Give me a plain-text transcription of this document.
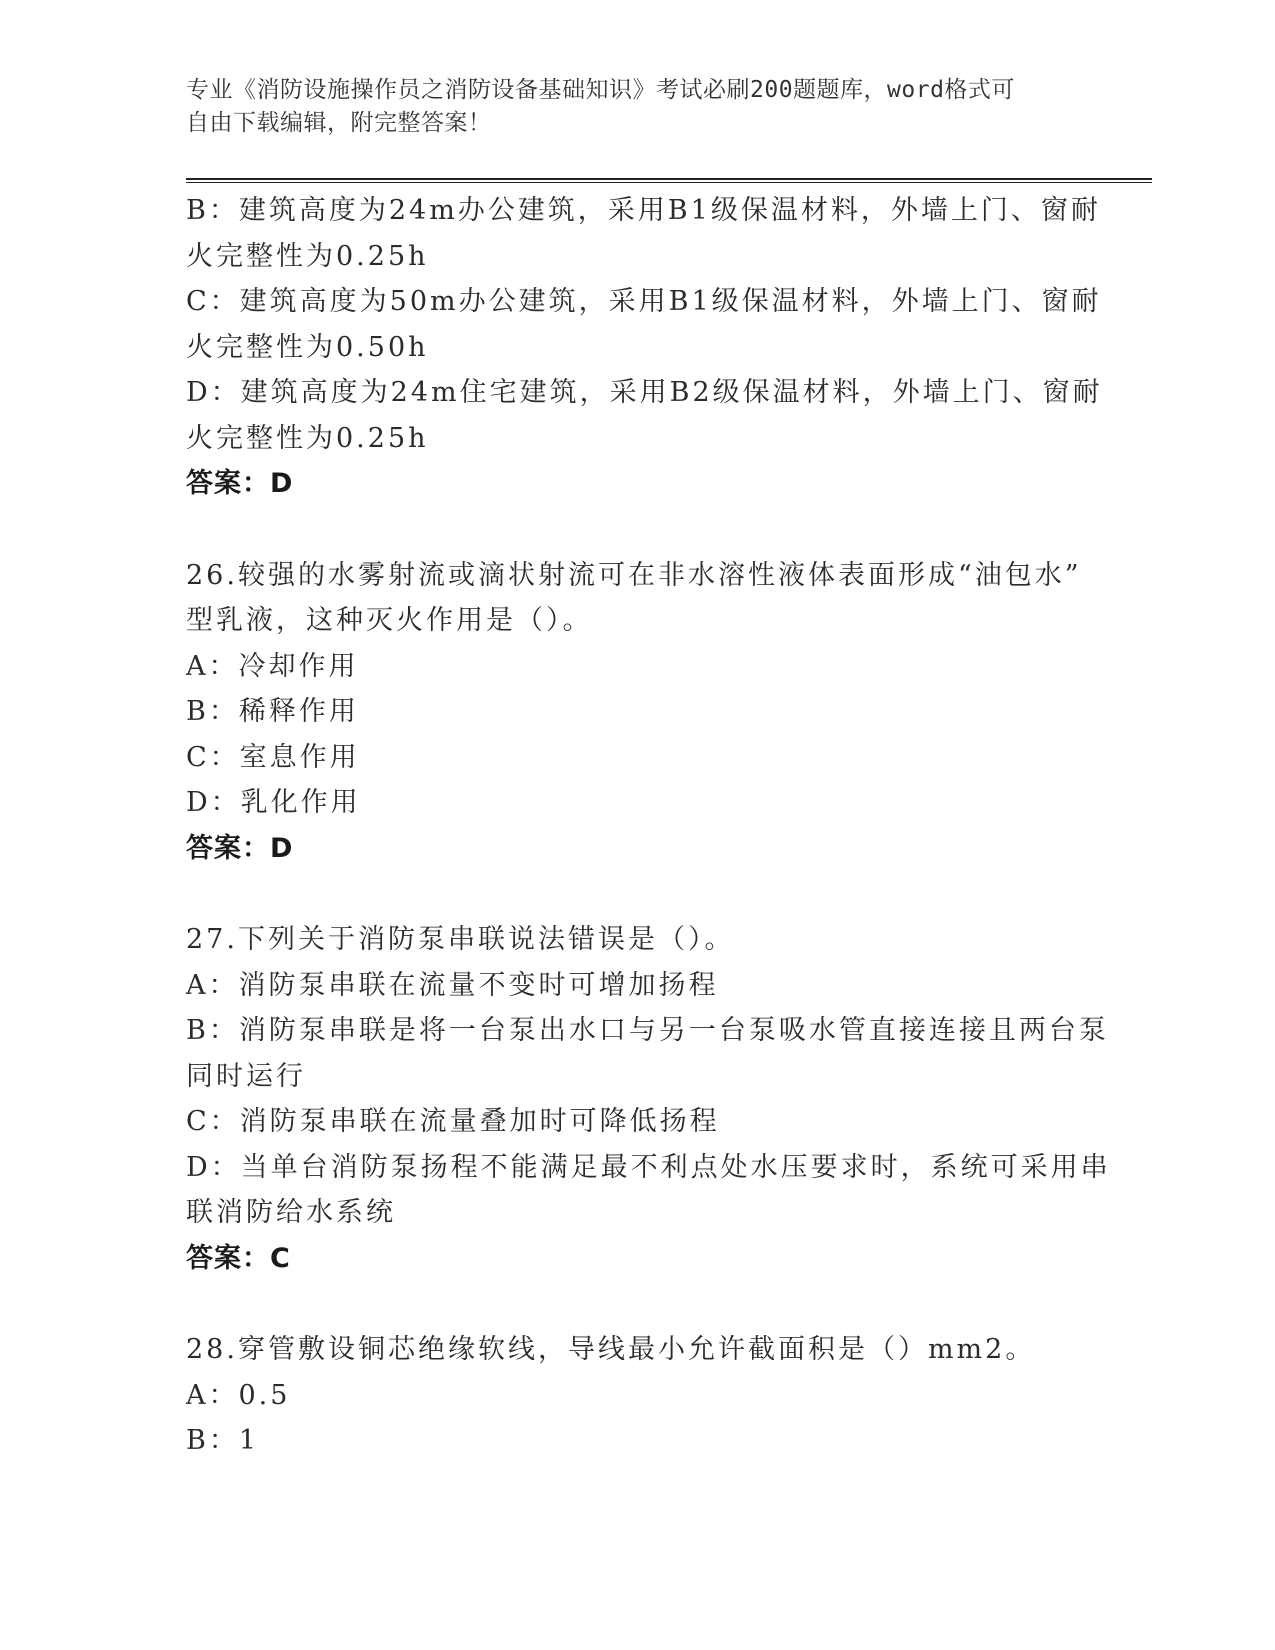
专业《消防设施操作员之消防设备基础知识》考试必刷200题题库，word格式可
自由下载编辑，附完整答案！
B：建筑高度为24m办公建筑，采用B1级保温材料，外墙上门、窗耐
火完整性为0.25h
C：建筑高度为50m办公建筑，采用B1级保温材料，外墙上门、窗耐
火完整性为0.50h
D：建筑高度为24m住宅建筑，采用B2级保温材料，外墙上门、窗耐
火完整性为0.25h
答案：D
26.较强的水雾射流或滴状射流可在非水溶性液体表面形成“油包水”
型乳液，这种灭火作用是（）。
A：冷却作用
B：稀释作用
C：室息作用
D：乳化作用
答案：D
27.下列关于消防泵串联说法错误是（）。
A：消防泵串联在流量不变时可增加扬程
B：消防泵串联是将一台泵出水口与另一台泵吸水管直接连接且两台泵
同时运行
C：消防泵串联在流量叠加时可降低扬程
D：当单台消防泵扬程不能满足最不利点处水压要求时，系统可采用串
联消防给水系统
答案：C
28.穿管敷设铜芯绝缘软线，导线最小允许截面积是（）mm2。
A：0.5
B：1
